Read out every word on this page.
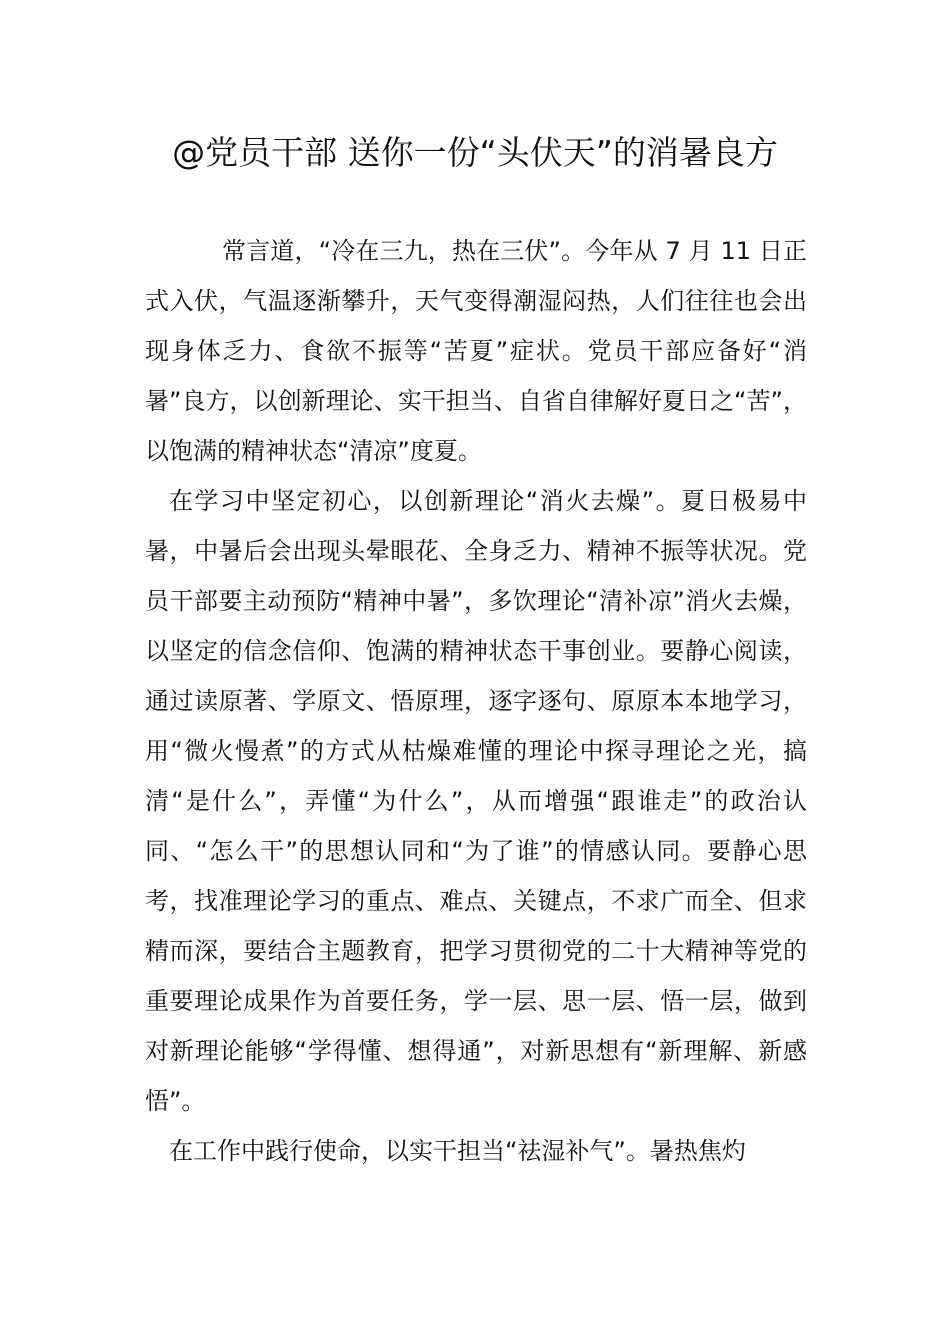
@党员干部 送你一份“头伏天”的消暑良方

常言道，“冷在三九，热在三伏”。今年从 7 月 11 日正式入伏，气温逐渐攀升，天气变得潮湿闷热，人们往往也会出现身体乏力、食欲不振等“苦夏”症状。党员干部应备好“消暑”良方，以创新理论、实干担当、自省自律解好夏日之“苦”，以饱满的精神状态“清凉”度夏。

在学习中坚定初心，以创新理论“消火去燥”。夏日极易中暑，中暑后会出现头晕眼花、全身乏力、精神不振等状况。党员干部要主动预防“精神中暑”，多饮理论“清补凉”消火去燥，以坚定的信念信仰、饱满的精神状态干事创业。要静心阅读，通过读原著、学原文、悟原理，逐字逐句、原原本本地学习，用“微火慢煮”的方式从枯燥难懂的理论中探寻理论之光，搞清“是什么”，弄懂“为什么”，从而增强“跟谁走”的政治认同、“怎么干”的思想认同和“为了谁”的情感认同。要静心思考，找准理论学习的重点、难点、关键点，不求广而全、但求精而深，要结合主题教育，把学习贯彻党的二十大精神等党的重要理论成果作为首要任务，学一层、思一层、悟一层，做到对新理论能够“学得懂、想得通”，对新思想有“新理解、新感悟”。

在工作中践行使命，以实干担当“祛湿补气”。暑热焦灼
